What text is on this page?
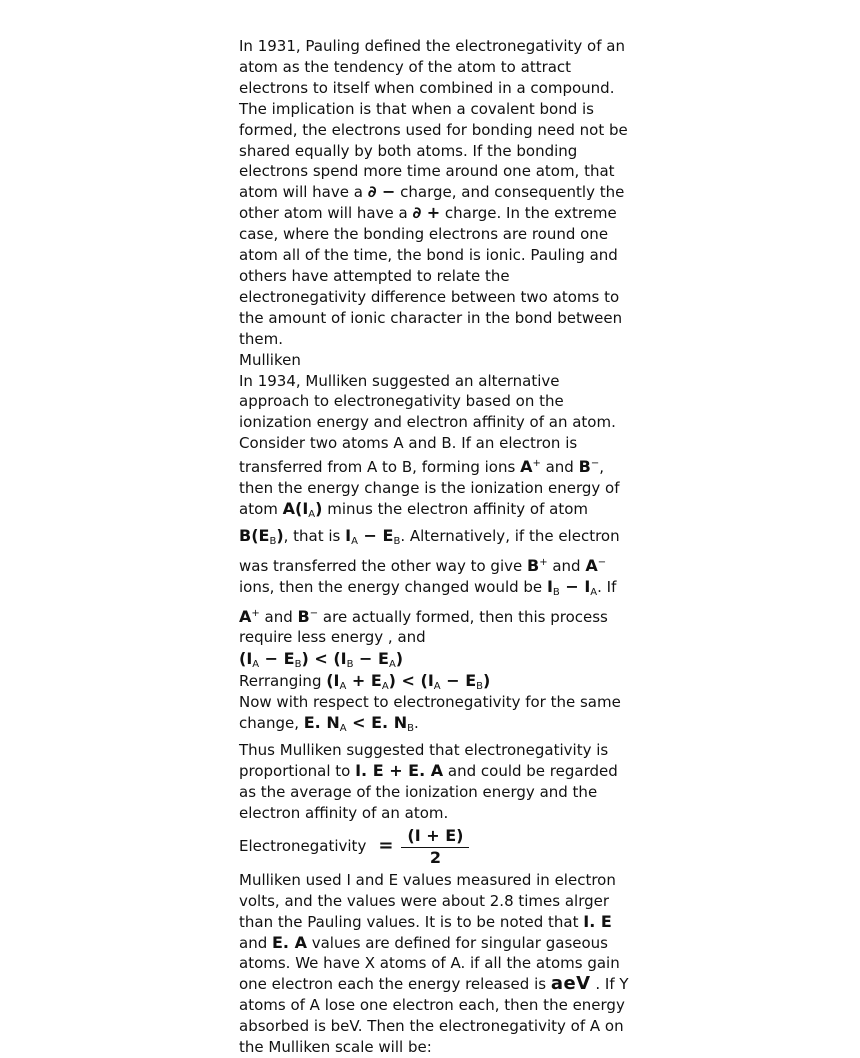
In 1931, Pauling defined the electronegativity of an atom as the tendency of the atom to attract electrons to itself when combined in a compound. The implication is that when a covalent bond is formed, the electrons used for bonding need not be shared equally by both atoms. If the bonding electrons spend more time around one atom, that atom will have a ∂ − charge, and consequently the other atom will have a ∂ + charge. In the extreme case, where the bonding electrons are round one atom all of the time, the bond is ionic. Pauling and others have attempted to relate the electronegativity difference between two atoms to the amount of ionic character in the bond between them.

Mulliken

In 1934, Mulliken suggested an alternative approach to electronegativity based on the ionization energy and electron affinity of an atom. Consider two atoms A and B. If an electron is transferred from A to B, forming ions A+ and B−, then the energy change is the ionization energy of atom $A(I_A)$ minus the electron affinity of atom $B(E_B)$, that is $I_A - E_B$. Alternatively, if the electron was transferred the other way to give B+ and A− ions, then the energy changed would be $I_B - I_A$. If A+ and B− are actually formed, then this process require less energy , and

$(I_A - E_B) < (I_B - E_A)$

Rerranging $(I_A + E_A) < (I_A - E_B)$

Now with respect to electronegativity for the same change, E. $N_A < E$. $N_B$.

Thus Mulliken suggested that electronegativity is proportional to I. E + E. A and could be regarded as the average of the ionization energy and the electron affinity of an atom.

Electronegativity = $\frac{(I + E)}{2}$

Mulliken used I and E values measured in electron volts, and the values were about 2.8 times alrger than the Pauling values. It is to be noted that I. E and E. A values are defined for singular gaseous atoms. We have X atoms of A. if all the atoms gain one electron each the energy released is aeV . If Y atoms of A lose one electron each, then the energy absorbed is beV. Then the electronegativity of A on the Mulliken scale will be:
